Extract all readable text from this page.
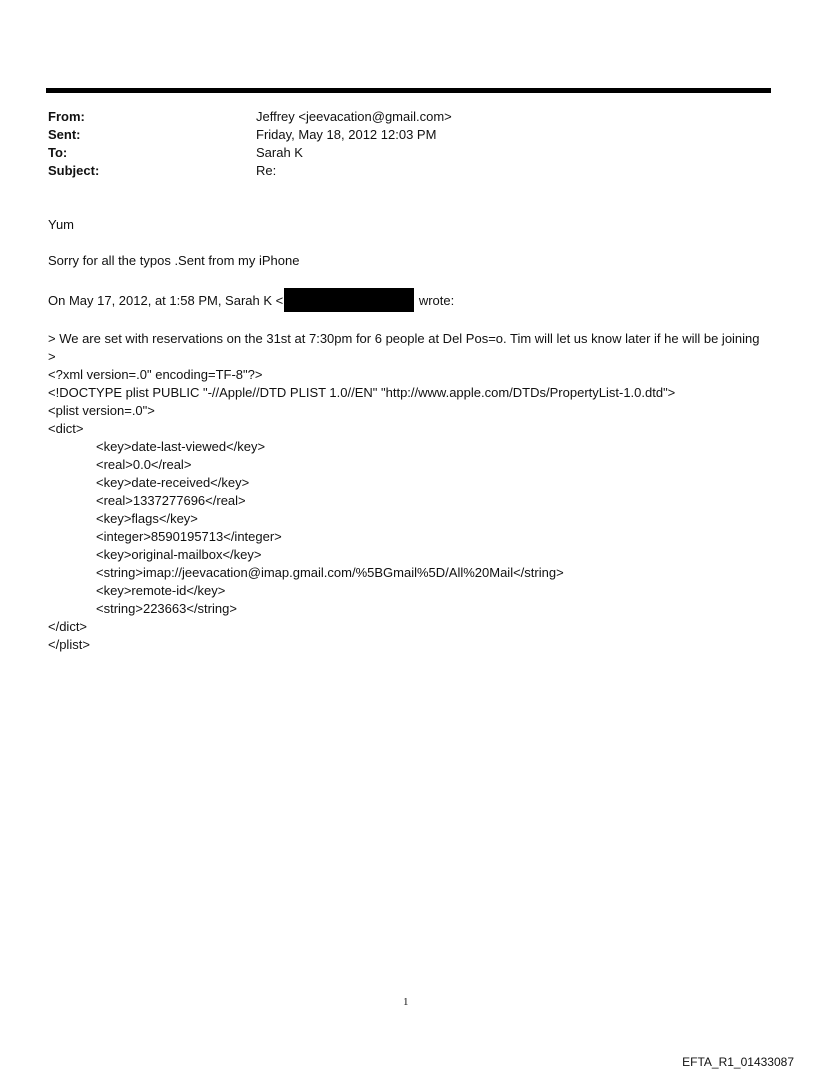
From:	Jeffrey <jeevacation@gmail.com>
Sent:	Friday, May 18, 2012 12:03 PM
To:	Sarah K
Subject:	Re:

Yum

Sorry for all the typos .Sent from my iPhone

On May 17, 2012, at 1:58 PM, Sarah K <	wrote:

> We are set with reservations on the 31st at 7:30pm for 6 people at Del Pos=o. Tim will let us know later if he will be joining

>

<?xml version=.0" encoding=TF-8"?>

<!DOCTYPE plist PUBLIC "-//Apple//DTD PLIST 1.0//EN" "http://www.apple.com/DTDs/PropertyList-1.0.dtd">

<plist version=.0">

<dict>

<key>date-last-viewed</key>

<real>0.0</real>

<key>date-received</key>

<real>1337277696</real>

<key>flags</key>

<integer>8590195713</integer>

<key>original-mailbox</key>

<string>imap://jeevacation@imap.gmail.com/%5BGmail%5D/All%20Mail</string>

<key>remote-id</key>

<string>223663</string>

</dict>

</plist>

1
EFTA_R1_01433087
